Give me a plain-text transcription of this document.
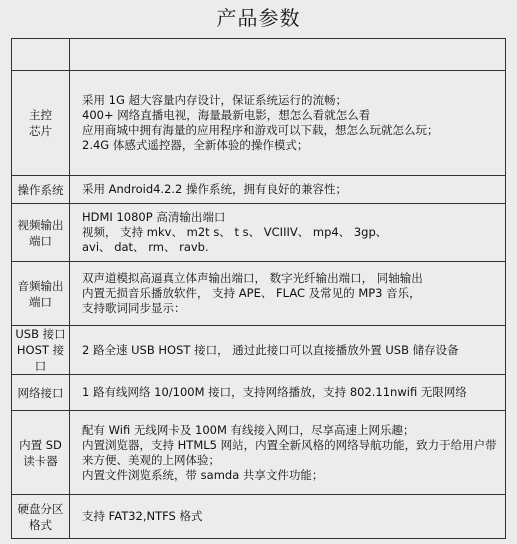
产品参数

主控
芯片	采用 1G 超大容量内存设计，保证系统运行的流畅；
400+ 网络直播电视，海量最新电影，想怎么看就怎么看
应用商城中拥有海量的应用程序和游戏可以下载，想怎么玩就怎么玩；
2.4G 体感式遥控器，全新体验的操作模式；

操作系统	采用 Android4.2.2 操作系统，拥有良好的兼容性；

视频输出
端口	HDMI 1080P 高清输出端口
视频， 支持 mkv、 m2t s、 t s、 VCIIIV、 mp4、 3gp、
avi、 dat、 rm、 ravb.

音频输出
端口	双声道模拟高逼真立体声输出端口， 数字光纤输出端口， 同轴输出
内置无损音乐播放软件， 支持 APE、 FLAC 及常见的 MP3 音乐，
支持歌词同步显示：

USB 接口
HOST 接口	2 路全速 USB HOST 接口， 通过此接口可以直接播放外置 USB 储存设备

网络接口	1 路有线网络 10/100M 接口，支持网络播放，支持 802.11nwifi 无限网络

内置 SD
读卡器	配有 Wifi 无线网卡及 100M 有线接入网口，尽享高速上网乐趣；
内置浏览器，支持 HTML5 网站，内置全新风格的网络导航功能，致力于给用户带来方便、美观的上网体验；
内置文件浏览系统，带 samda 共享文件功能；

硬盘分区
格式	支持 FAT32,NTFS 格式
